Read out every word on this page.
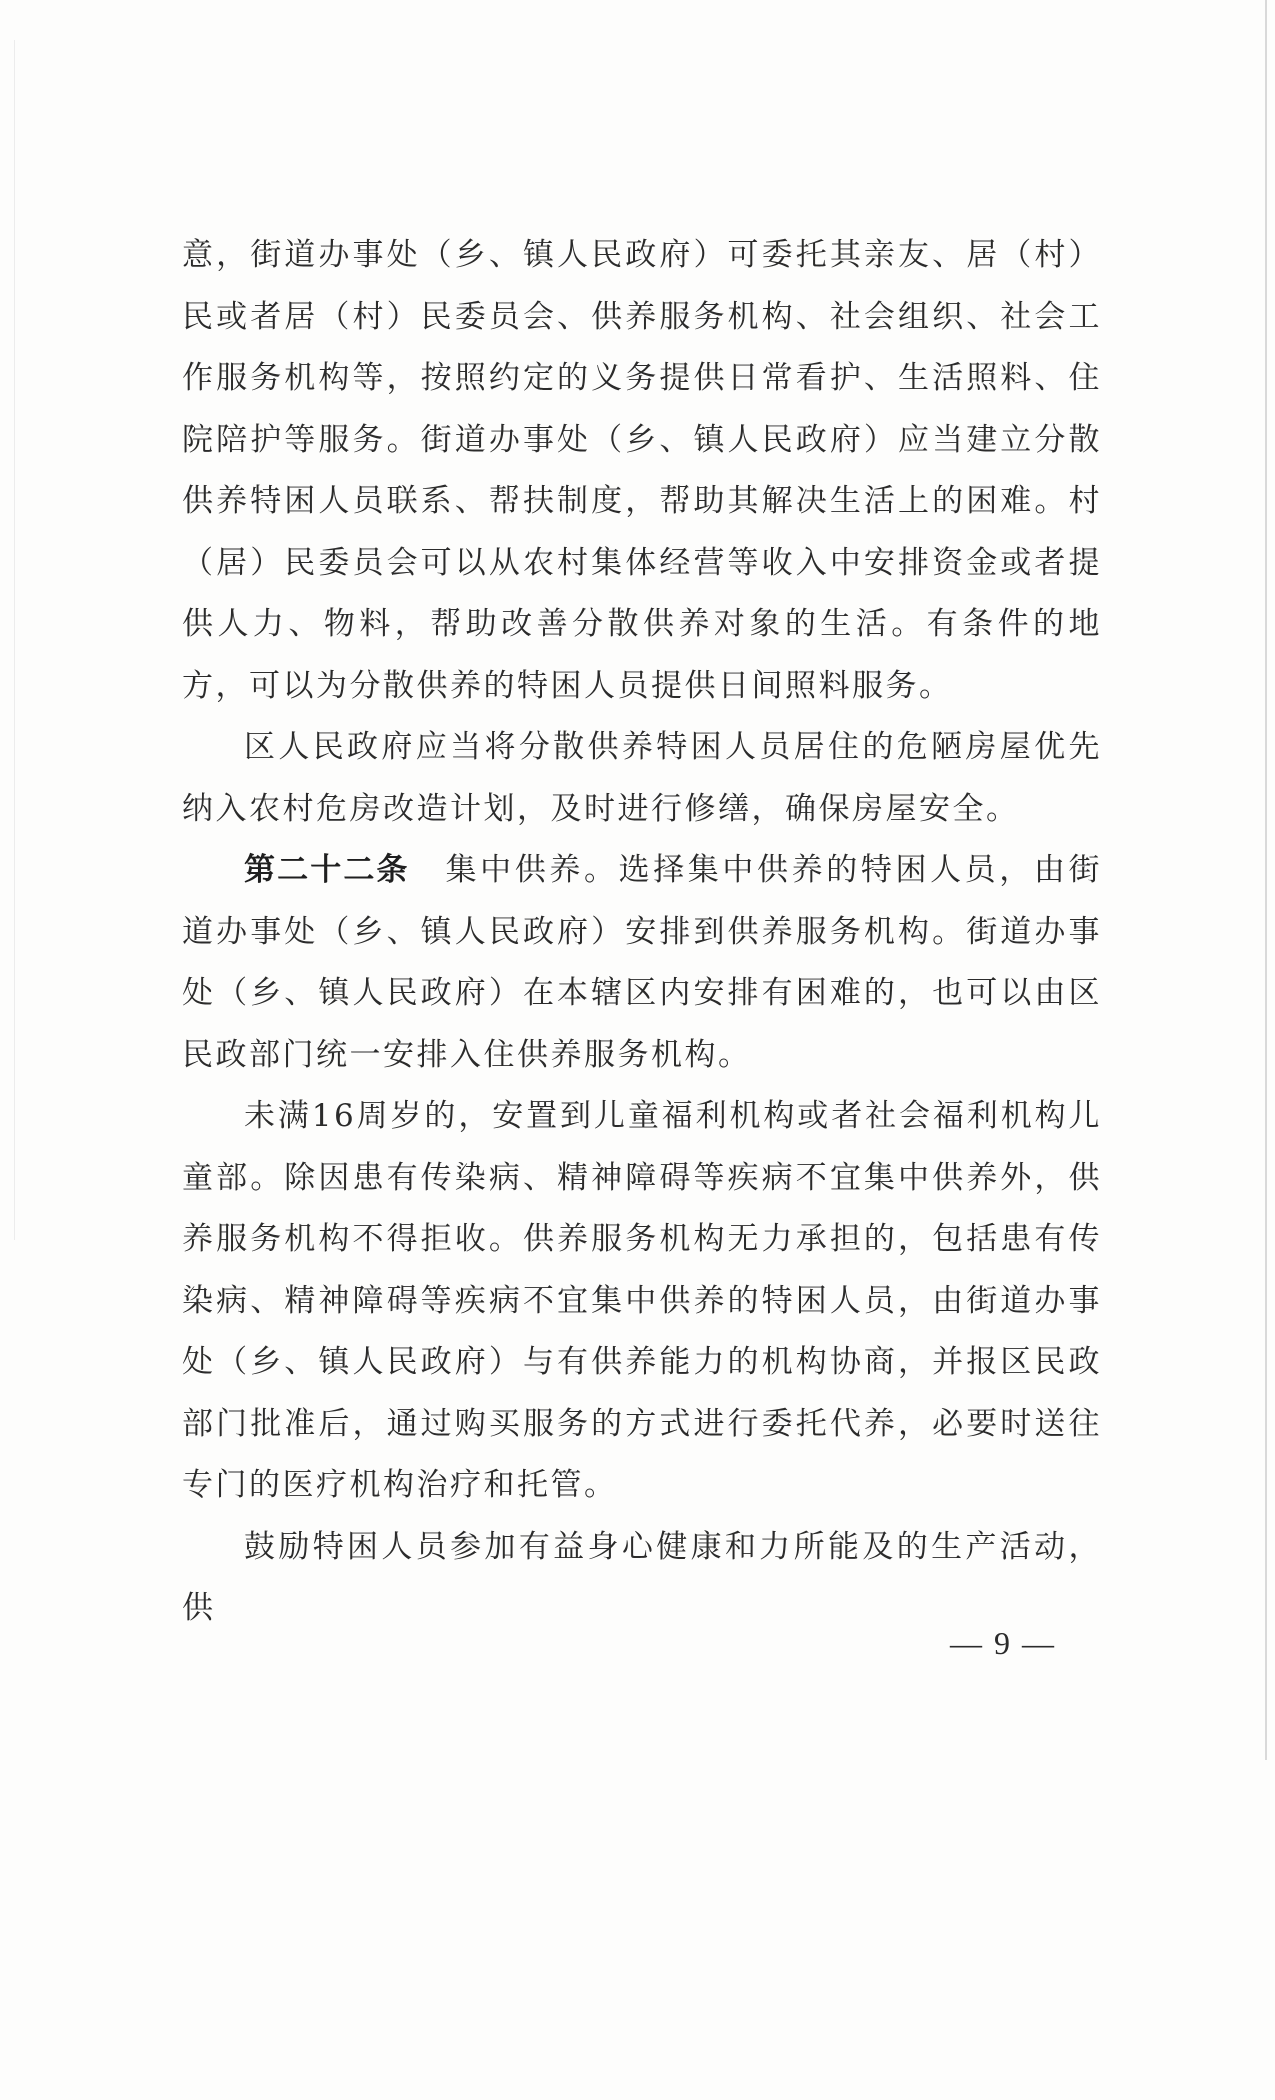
意，街道办事处（乡、镇人民政府）可委托其亲友、居（村）民或者居（村）民委员会、供养服务机构、社会组织、社会工作服务机构等，按照约定的义务提供日常看护、生活照料、住院陪护等服务。街道办事处（乡、镇人民政府）应当建立分散供养特困人员联系、帮扶制度，帮助其解决生活上的困难。村（居）民委员会可以从农村集体经营等收入中安排资金或者提供人力、物料，帮助改善分散供养对象的生活。有条件的地方，可以为分散供养的特困人员提供日间照料服务。

区人民政府应当将分散供养特困人员居住的危陋房屋优先纳入农村危房改造计划，及时进行修缮，确保房屋安全。

第二十二条 集中供养。选择集中供养的特困人员，由街道办事处（乡、镇人民政府）安排到供养服务机构。街道办事处（乡、镇人民政府）在本辖区内安排有困难的，也可以由区民政部门统一安排入住供养服务机构。

未满16周岁的，安置到儿童福利机构或者社会福利机构儿童部。除因患有传染病、精神障碍等疾病不宜集中供养外，供养服务机构不得拒收。供养服务机构无力承担的，包括患有传染病、精神障碍等疾病不宜集中供养的特困人员，由街道办事处（乡、镇人民政府）与有供养能力的机构协商，并报区民政部门批准后，通过购买服务的方式进行委托代养，必要时送往专门的医疗机构治疗和托管。

鼓励特困人员参加有益身心健康和力所能及的生产活动，供

— 9 —
